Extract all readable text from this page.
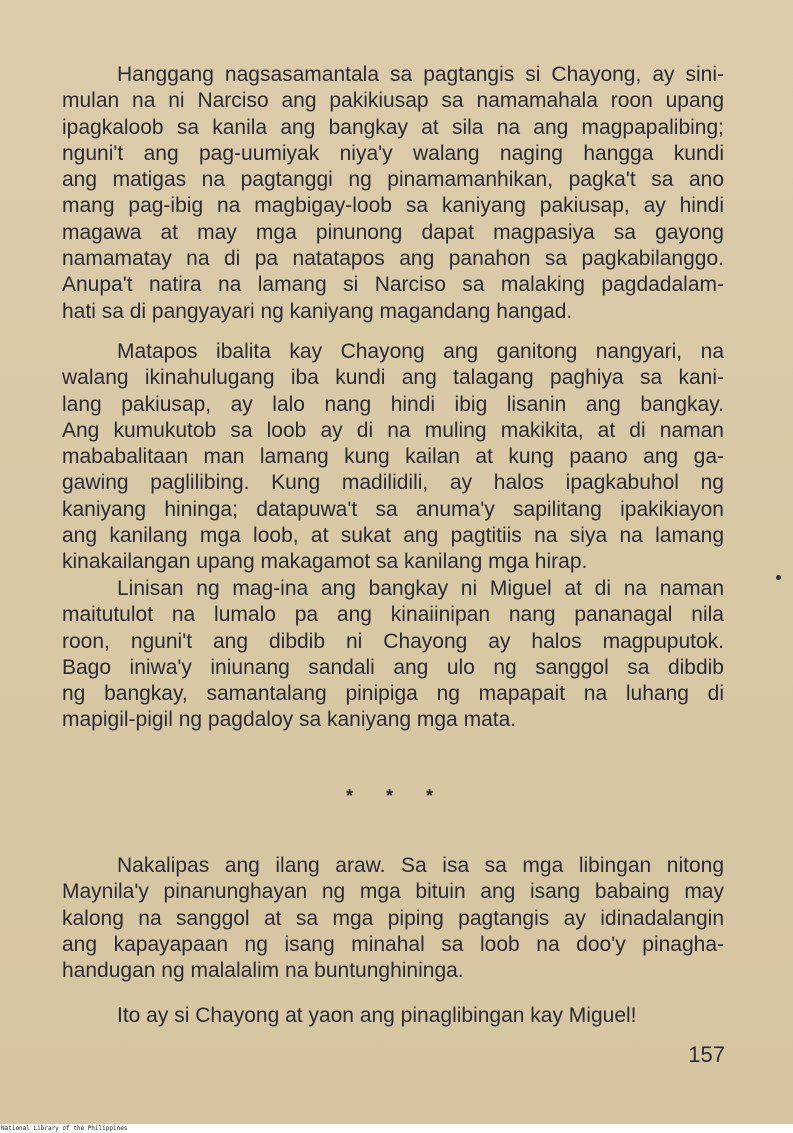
Hanggang nagsasamantala sa pagtangis si Chayong, ay sini-
mulan na ni Narciso ang pakikiusap sa namamahala roon upang
ipagkaloob sa kanila ang bangkay at sila na ang magpapalibing;
nguni't ang pag-uumiyak niya'y walang naging hangga kundi
ang matigas na pagtanggi ng pinamamanhikan, pagka't sa ano
mang pag-ibig na magbigay-loob sa kaniyang pakiusap, ay hindi
magawa at may mga pinunong dapat magpasiya sa gayong
namamatay na di pa natatapos ang panahon sa pagkabilanggo.
Anupa't natira na lamang si Narciso sa malaking pagdadalam-
hati sa di pangyayari ng kaniyang magandang hangad.
Matapos ibalita kay Chayong ang ganitong nangyari, na
walang ikinahulugang iba kundi ang talagang paghiya sa kani-
lang pakiusap, ay lalo nang hindi ibig lisanin ang bangkay.
Ang kumukutob sa loob ay di na muling makikita, at di naman
mababalitaan man lamang kung kailan at kung paano ang ga-
gawing paglilibing. Kung madilidili, ay halos ipagkabuhol ng
kaniyang hininga; datapuwa't sa anuma'y sapilitang ipakikiayon
ang kanilang mga loob, at sukat ang pagtitiis na siya na lamang
kinakailangan upang makagamot sa kanilang mga hirap.
Linisan ng mag-ina ang bangkay ni Miguel at di na naman
maitutulot na lumalo pa ang kinaiinipan nang pananagal nila
roon, nguni't ang dibdib ni Chayong ay halos magpuputok.
Bago iniwa'y iniunang sandali ang ulo ng sanggol sa dibdib
ng bangkay, samantalang pinipiga ng mapapait na luhang di
mapigil-pigil ng pagdaloy sa kaniyang mga mata.
* * *
Nakalipas ang ilang araw. Sa isa sa mga libingan nitong
Maynila'y pinanunghayan ng mga bituin ang isang babaing may
kalong na sanggol at sa mga piping pagtangis ay idinadalangin
ang kapayapaan ng isang minahal sa loob na doo'y pinagha-
handugan ng malalalim na buntunghininga.
Ito ay si Chayong at yaon ang pinaglibingan kay Miguel!
157
National Library of the Philippines
